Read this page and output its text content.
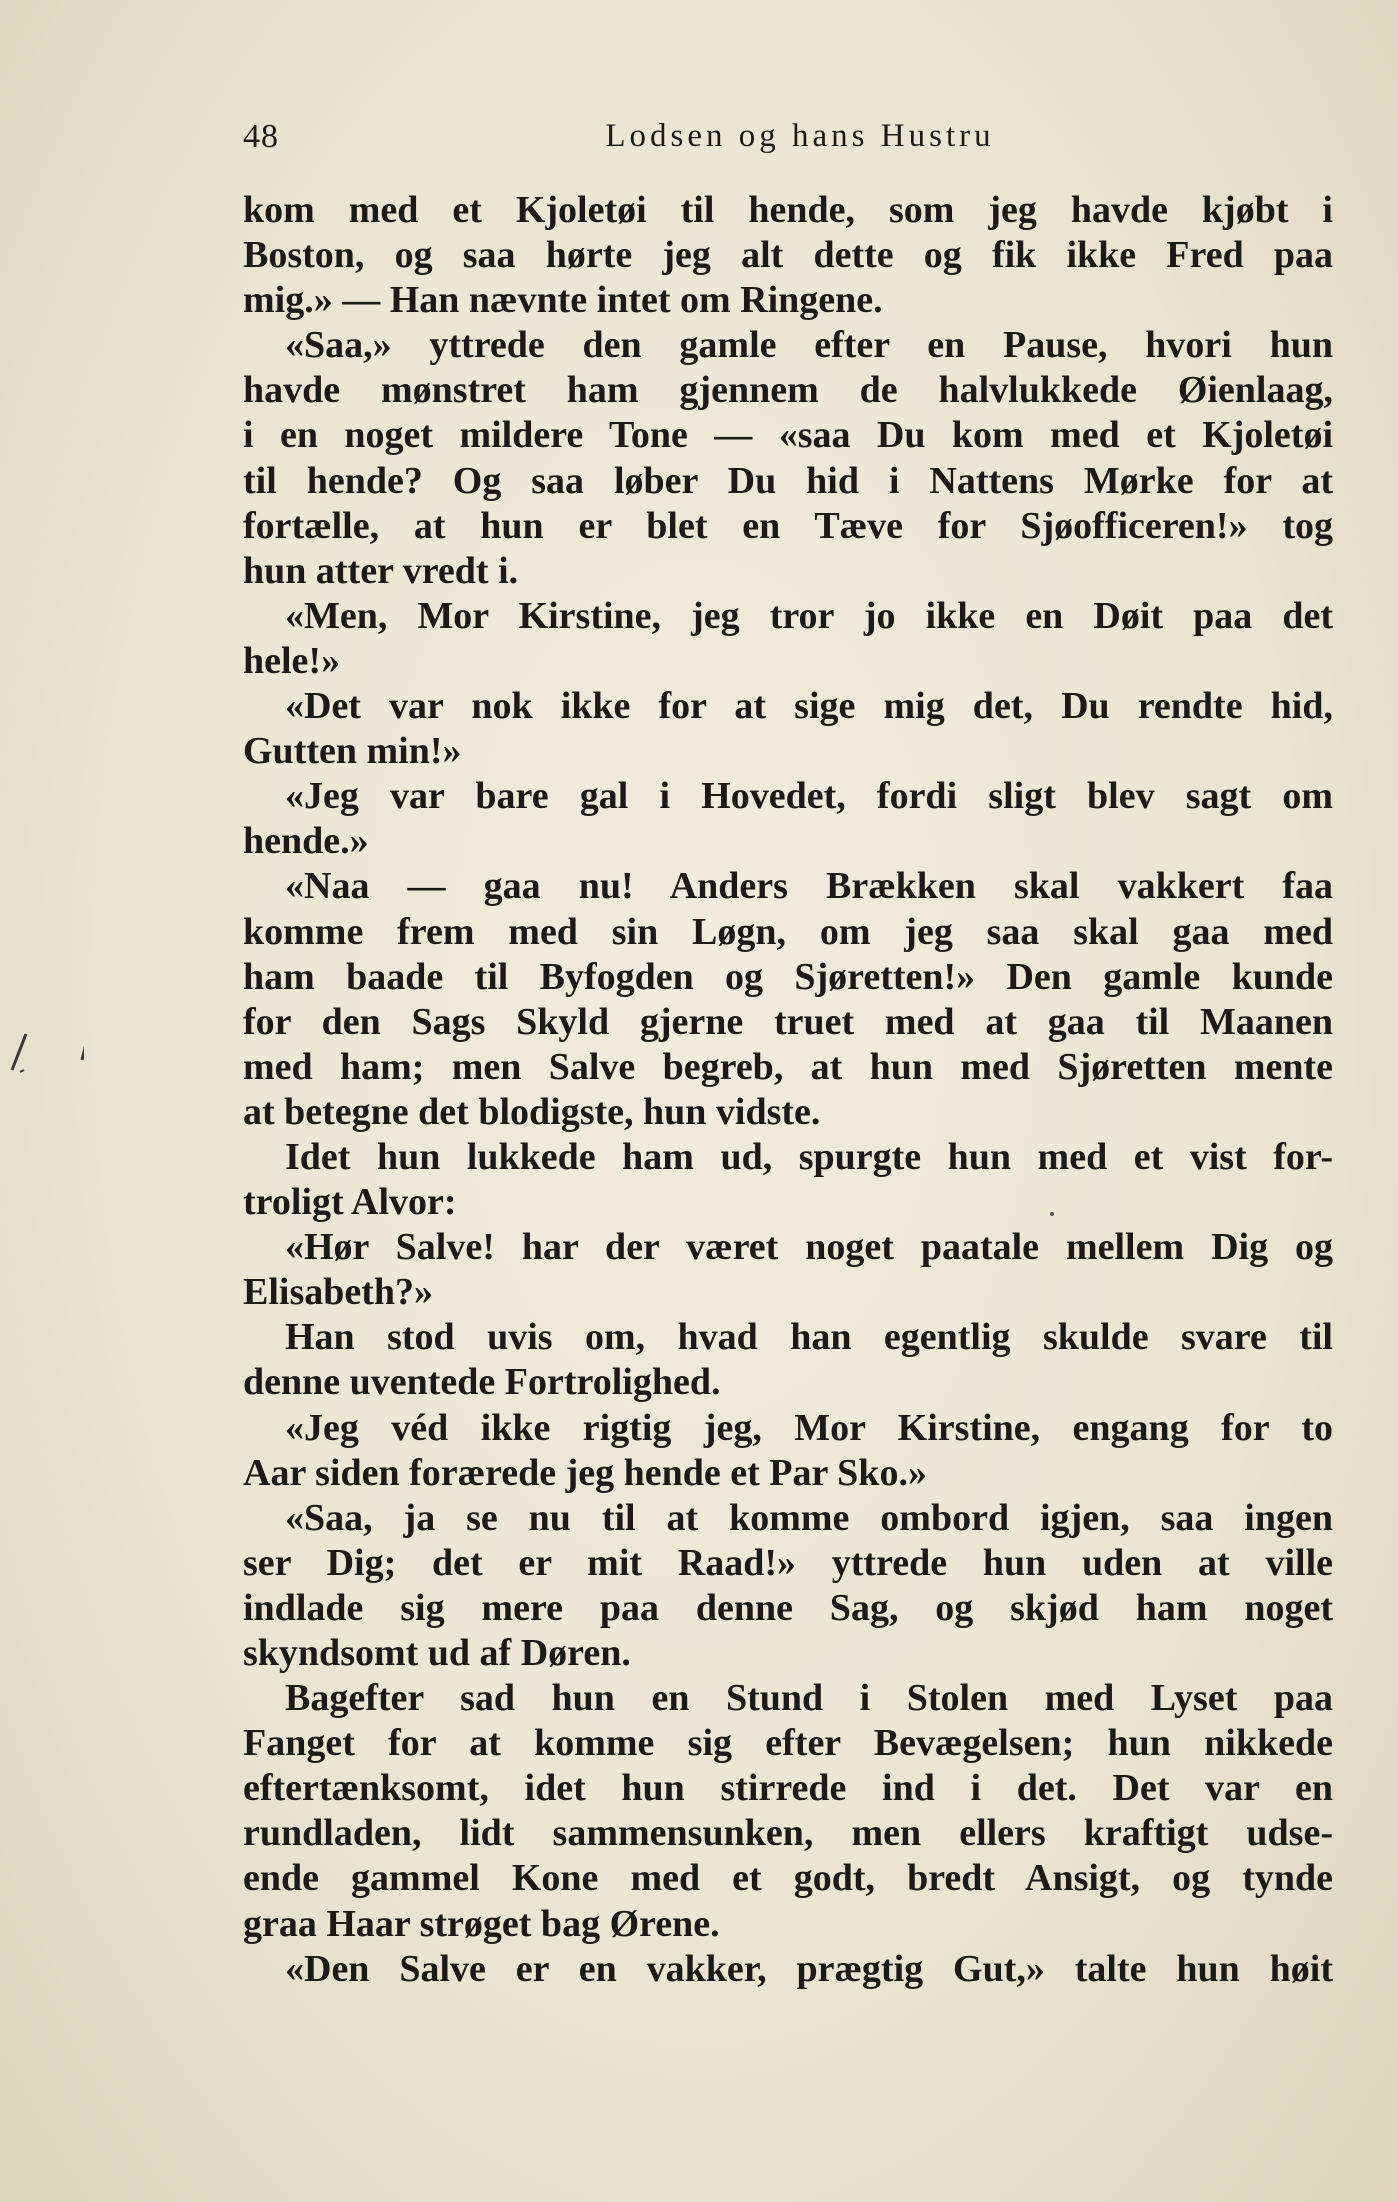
48	Lodsen og hans Hustru
kom med et Kjoletøi til hende, som jeg havde kjøbt i
Boston, og saa hørte jeg alt dette og fik ikke Fred paa
mig.» — Han nævnte intet om Ringene.
«Saa,» yttrede den gamle efter en Pause, hvori hun
havde mønstret ham gjennem de halvlukkede Øienlaag,
i en noget mildere Tone — «saa Du kom med et Kjoletøi
til hende? Og saa løber Du hid i Nattens Mørke for at
fortælle, at hun er blet en Tæve for Sjøofficeren!» tog
hun atter vredt i.
«Men, Mor Kirstine, jeg tror jo ikke en Døit paa det
hele!»
«Det var nok ikke for at sige mig det, Du rendte hid,
Gutten min!»
«Jeg var bare gal i Hovedet, fordi sligt blev sagt om
hende.»
«Naa — gaa nu! Anders Brækken skal vakkert faa
komme frem med sin Løgn, om jeg saa skal gaa med
ham baade til Byfogden og Sjøretten!» Den gamle kunde
for den Sags Skyld gjerne truet med at gaa til Maanen
med ham; men Salve begreb, at hun med Sjøretten mente
at betegne det blodigste, hun vidste.
Idet hun lukkede ham ud, spurgte hun med et vist for-
troligt Alvor:
«Hør Salve! har der været noget paatale mellem Dig og
Elisabeth?»
Han stod uvis om, hvad han egentlig skulde svare til
denne uventede Fortrolighed.
«Jeg véd ikke rigtig jeg, Mor Kirstine, engang for to
Aar siden forærede jeg hende et Par Sko.»
«Saa, ja se nu til at komme ombord igjen, saa ingen
ser Dig; det er mit Raad!» yttrede hun uden at ville
indlade sig mere paa denne Sag, og skjød ham noget
skyndsomt ud af Døren.
Bagefter sad hun en Stund i Stolen med Lyset paa
Fanget for at komme sig efter Bevægelsen; hun nikkede
eftertænksomt, idet hun stirrede ind i det. Det var en
rundladen, lidt sammensunken, men ellers kraftigt udse-
ende gammel Kone med et godt, bredt Ansigt, og tynde
graa Haar strøget bag Ørene.
«Den Salve er en vakker, prægtig Gut,» talte hun høit
